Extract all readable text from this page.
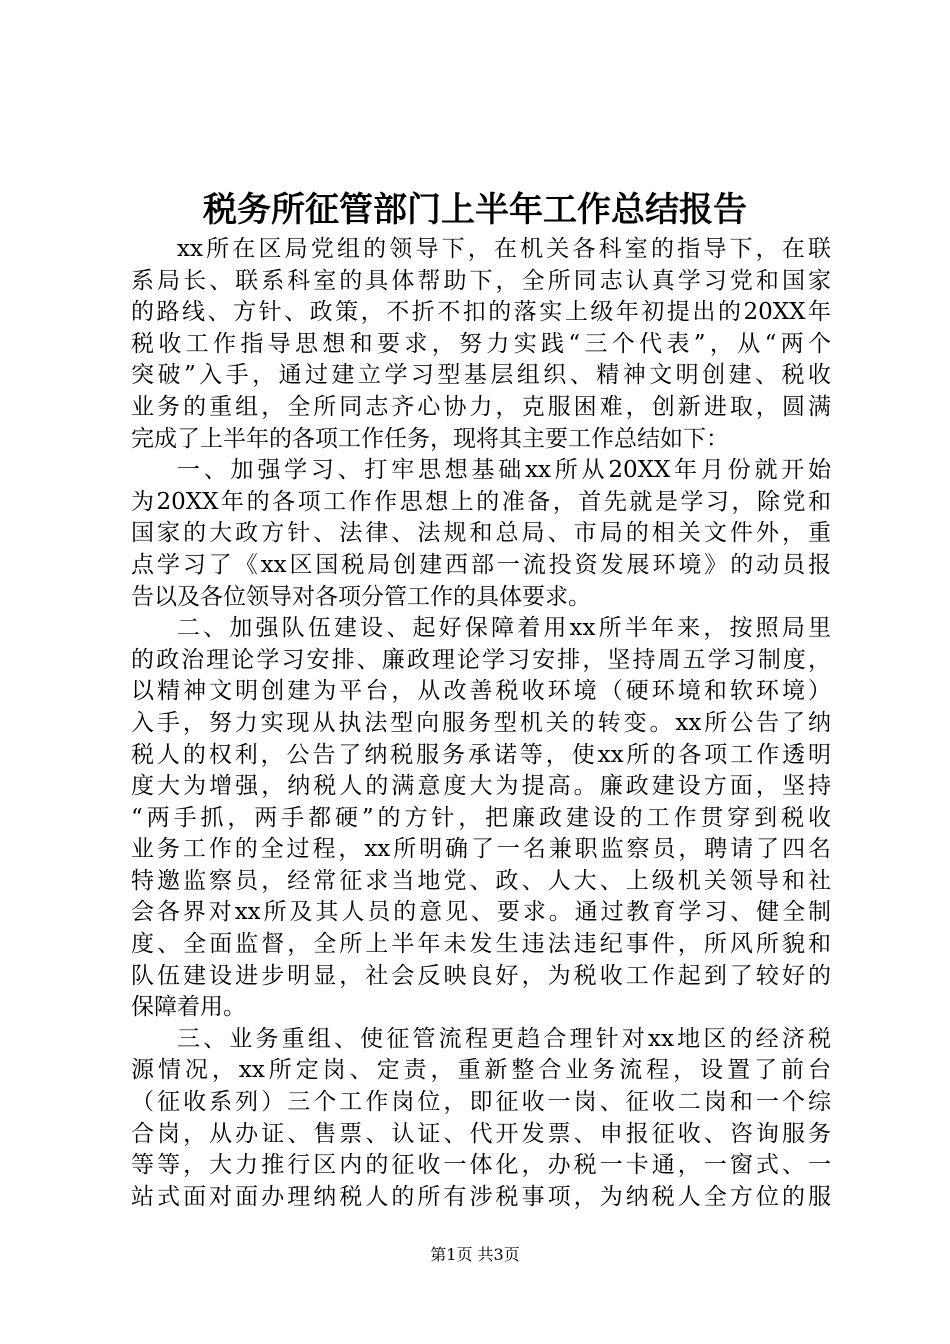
税务所征管部门上半年工作总结报告
xx所在区局党组的领导下，在机关各科室的指导下，在联
系局长、联系科室的具体帮助下，全所同志认真学习党和国家
的路线、方针、政策，不折不扣的落实上级年初提出的20XX年
税收工作指导思想和要求，努力实践“三个代表”，从“两个
突破”入手，通过建立学习型基层组织、精神文明创建、税收
业务的重组，全所同志齐心协力，克服困难，创新进取，圆满
完成了上半年的各项工作任务，现将其主要工作总结如下：
一、加强学习、打牢思想基础xx所从20XX年月份就开始
为20XX年的各项工作作思想上的准备，首先就是学习，除党和
国家的大政方针、法律、法规和总局、市局的相关文件外，重
点学习了《xx区国税局创建西部一流投资发展环境》的动员报
告以及各位领导对各项分管工作的具体要求。
二、加强队伍建设、起好保障着用xx所半年来，按照局里
的政治理论学习安排、廉政理论学习安排，坚持周五学习制度，
以精神文明创建为平台，从改善税收环境（硬环境和软环境）
入手，努力实现从执法型向服务型机关的转变。xx所公告了纳
税人的权利，公告了纳税服务承诺等，使xx所的各项工作透明
度大为增强，纳税人的满意度大为提高。廉政建设方面，坚持
“两手抓，两手都硬”的方针，把廉政建设的工作贯穿到税收
业务工作的全过程，xx所明确了一名兼职监察员，聘请了四名
特邀监察员，经常征求当地党、政、人大、上级机关领导和社
会各界对xx所及其人员的意见、要求。通过教育学习、健全制
度、全面监督，全所上半年未发生违法违纪事件，所风所貌和
队伍建设进步明显，社会反映良好，为税收工作起到了较好的
保障着用。
三、业务重组、使征管流程更趋合理针对xx地区的经济税
源情况，xx所定岗、定责，重新整合业务流程，设置了前台
（征收系列）三个工作岗位，即征收一岗、征收二岗和一个综
合岗，从办证、售票、认证、代开发票、申报征收、咨询服务
等等，大力推行区内的征收一体化，办税一卡通，一窗式、一
站式面对面办理纳税人的所有涉税事项，为纳税人全方位的服
第1页 共3页
